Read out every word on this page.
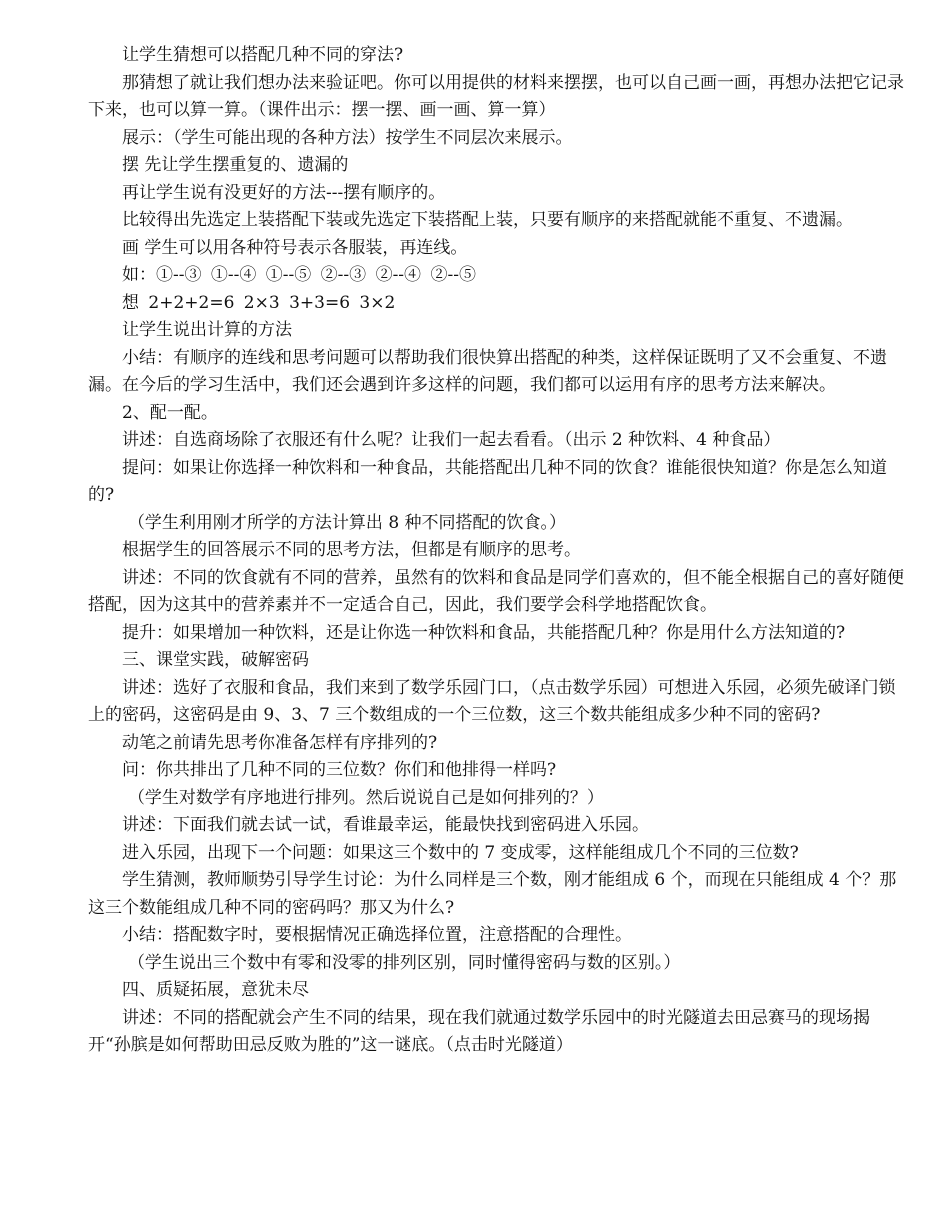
让学生猜想可以搭配几种不同的穿法?

那猜想了就让我们想办法来验证吧。你可以用提供的材料来摆摆，也可以自己画一画，再想办法把它记录下来，也可以算一算。（课件出示：摆一摆、画一画、算一算）

展示：（学生可能出现的各种方法）按学生不同层次来展示。

摆 先让学生摆重复的、遗漏的

再让学生说有没更好的方法---摆有顺序的。

比较得出先选定上装搭配下装或先选定下装搭配上装，只要有顺序的来搭配就能不重复、不遗漏。

画 学生可以用各种符号表示各服装，再连线。

如：①--③ ①--④ ①--⑤ ②--③ ②--④ ②--⑤

想 2+2+2=6 2×3 3+3=6 3×2

让学生说出计算的方法

小结：有顺序的连线和思考问题可以帮助我们很快算出搭配的种类，这样保证既明了又不会重复、不遗漏。在今后的学习生活中，我们还会遇到许多这样的问题，我们都可以运用有序的思考方法来解决。

2、配一配。

讲述：自选商场除了衣服还有什么呢？让我们一起去看看。（出示 2 种饮料、4 种食品）

提问：如果让你选择一种饮料和一种食品，共能搭配出几种不同的饮食？谁能很快知道？你是怎么知道的?

（学生利用刚才所学的方法计算出 8 种不同搭配的饮食。）

根据学生的回答展示不同的思考方法，但都是有顺序的思考。

讲述：不同的饮食就有不同的营养，虽然有的饮料和食品是同学们喜欢的，但不能全根据自己的喜好随便搭配，因为这其中的营养素并不一定适合自己，因此，我们要学会科学地搭配饮食。

提升：如果增加一种饮料，还是让你选一种饮料和食品，共能搭配几种？你是用什么方法知道的?

三、课堂实践，破解密码

讲述：选好了衣服和食品，我们来到了数学乐园门口，（点击数学乐园）可想进入乐园，必须先破译门锁上的密码，这密码是由 9、3、7 三个数组成的一个三位数，这三个数共能组成多少种不同的密码?

动笔之前请先思考你准备怎样有序排列的?

问：你共排出了几种不同的三位数？你们和他排得一样吗?

（学生对数学有序地进行排列。然后说说自己是如何排列的？）

讲述：下面我们就去试一试，看谁最幸运，能最快找到密码进入乐园。

进入乐园，出现下一个问题：如果这三个数中的 7 变成零，这样能组成几个不同的三位数?

学生猜测，教师顺势引导学生讨论：为什么同样是三个数，刚才能组成 6 个，而现在只能组成 4 个？那这三个数能组成几种不同的密码吗？那又为什么?

小结：搭配数字时，要根据情况正确选择位置，注意搭配的合理性。

（学生说出三个数中有零和没零的排列区别，同时懂得密码与数的区别。）

四、质疑拓展，意犹未尽

讲述：不同的搭配就会产生不同的结果，现在我们就通过数学乐园中的时光隧道去田忌赛马的现场揭开“孙膑是如何帮助田忌反败为胜的”这一谜底。（点击时光隧道）
